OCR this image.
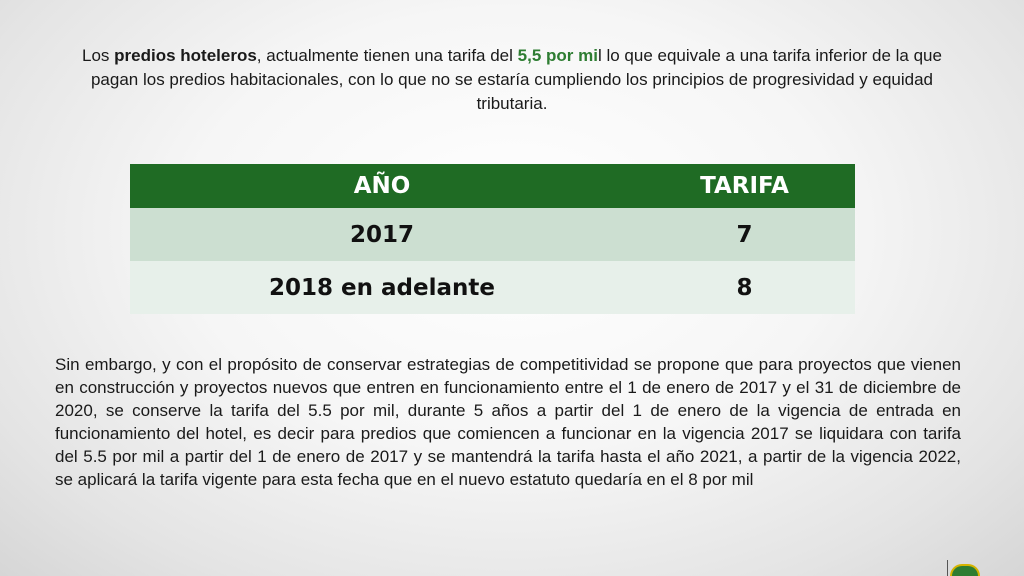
Los predios hoteleros, actualmente tienen una tarifa del 5,5 por mil lo que equivale a una tarifa inferior de la que pagan los predios habitacionales, con lo que no se estaría cumpliendo los principios de progresividad y equidad tributaria.

AÑO	TARIFA
2017	7
2018 en adelante	8

Sin embargo, y con el propósito de conservar estrategias de competitividad se propone que para proyectos que vienen en construcción y proyectos nuevos que entren en funcionamiento entre el 1 de enero de 2017 y el 31 de diciembre de 2020, se conserve la tarifa del 5.5 por mil, durante 5 años a partir del 1 de enero de la vigencia de entrada en funcionamiento del hotel, es decir para predios que comiencen a funcionar en la vigencia 2017 se liquidara con tarifa del 5.5 por mil a partir del 1 de enero de 2017 y se mantendrá la tarifa hasta el año 2021, a partir de la vigencia 2022, se aplicará la tarifa vigente para esta fecha que en el nuevo estatuto quedaría en el 8 por mil
